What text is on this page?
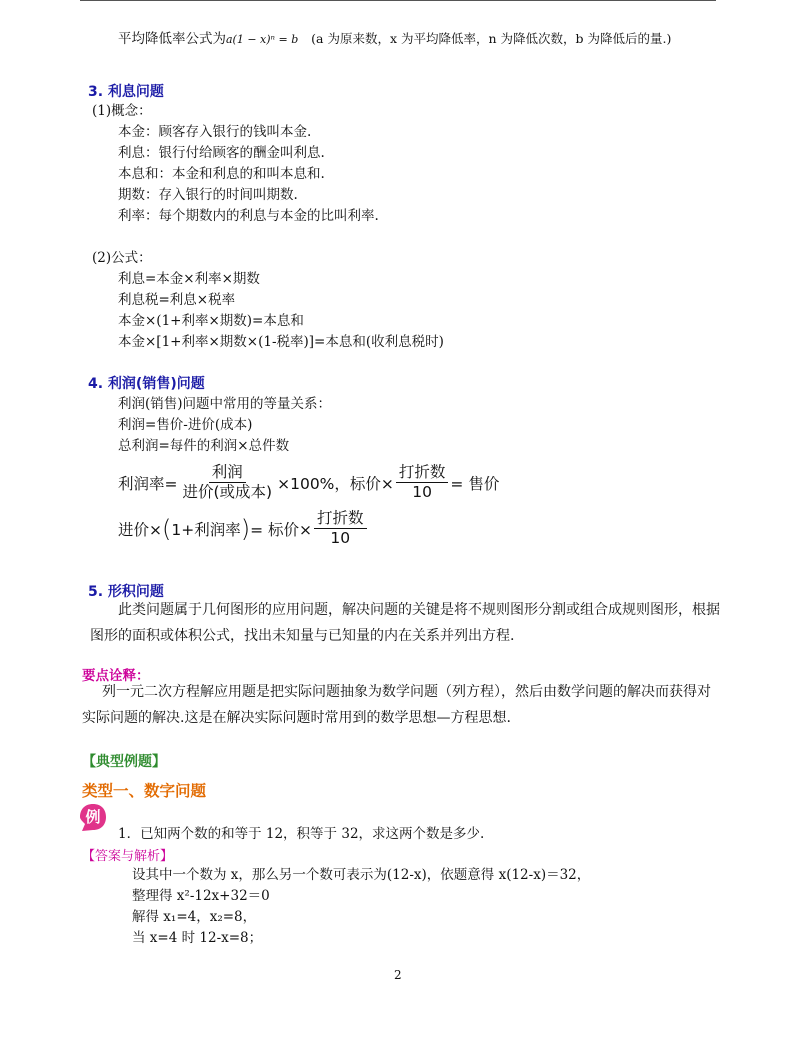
平均降低率公式为a(1 − x)ⁿ = b (a 为原来数，x 为平均降低率，n 为降低次数，b 为降低后的量.)
3. 利息问题
(1)概念：
本金：顾客存入银行的钱叫本金.
利息：银行付给顾客的酬金叫利息.
本息和：本金和利息的和叫本息和.
期数：存入银行的时间叫期数.
利率：每个期数内的利息与本金的比叫利率.
(2)公式：
利息=本金×利率×期数
利息税=利息×税率
本金×(1+利率×期数)=本息和
本金×[1+利率×期数×(1-税率)]=本息和(收利息税时)
4. 利润(销售)问题
利润(销售)问题中常用的等量关系：
利润=售价-进价(成本)
总利润=每件的利润×总件数
利润率= $\frac{\text{利润}}{\text{进价(或成本)}} \times 100\%$，标价× $\frac{\text{打折数}}{10}$ = 售价
进价× ( 1+利润率 ) = 标价× $\frac{\text{打折数}}{10}$
5. 形积问题
此类问题属于几何图形的应用问题，解决问题的关键是将不规则图形分割或组合成规则图形，根据图形的面积或体积公式，找出未知量与已知量的内在关系并列出方程.
要点诠释：
列一元二次方程解应用题是把实际问题抽象为数学问题（列方程），然后由数学问题的解决而获得对实际问题的解决.这是在解决实际问题时常用到的数学思想—方程思想.
【典型例题】
类型一、数字问题
例
1．已知两个数的和等于 12，积等于 32，求这两个数是多少.
【答案与解析】
设其中一个数为 x，那么另一个数可表示为(12-x)，依题意得 x(12-x)＝32，
整理得 x²-12x+32＝0
解得 x₁=4，x₂=8，
当 x=4 时 12-x=8；
2
